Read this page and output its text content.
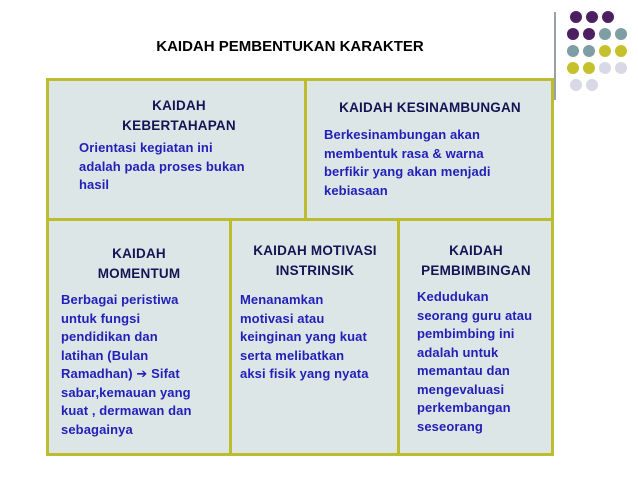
KAIDAH PEMBENTUKAN KARAKTER
KAIDAH
KEBERTAHAPAN
Orientasi kegiatan ini
adalah pada proses bukan
hasil
KAIDAH KESINAMBUNGAN
Berkesinambungan akan
membentuk rasa & warna
berfikir yang akan menjadi
kebiasaan
KAIDAH
MOMENTUM
Berbagai peristiwa
untuk fungsi
pendidikan dan
latihan (Bulan
Ramadhan) ➔ Sifat
sabar,kemauan yang
kuat , dermawan dan
sebagainya
KAIDAH MOTIVASI
INSTRINSIK
Menanamkan
motivasi atau
keinginan yang kuat
serta melibatkan
aksi fisik yang nyata
KAIDAH
PEMBIMBINGAN
Kedudukan
seorang guru atau
pembimbing ini
adalah untuk
memantau dan
mengevaluasi
perkembangan
seseorang
